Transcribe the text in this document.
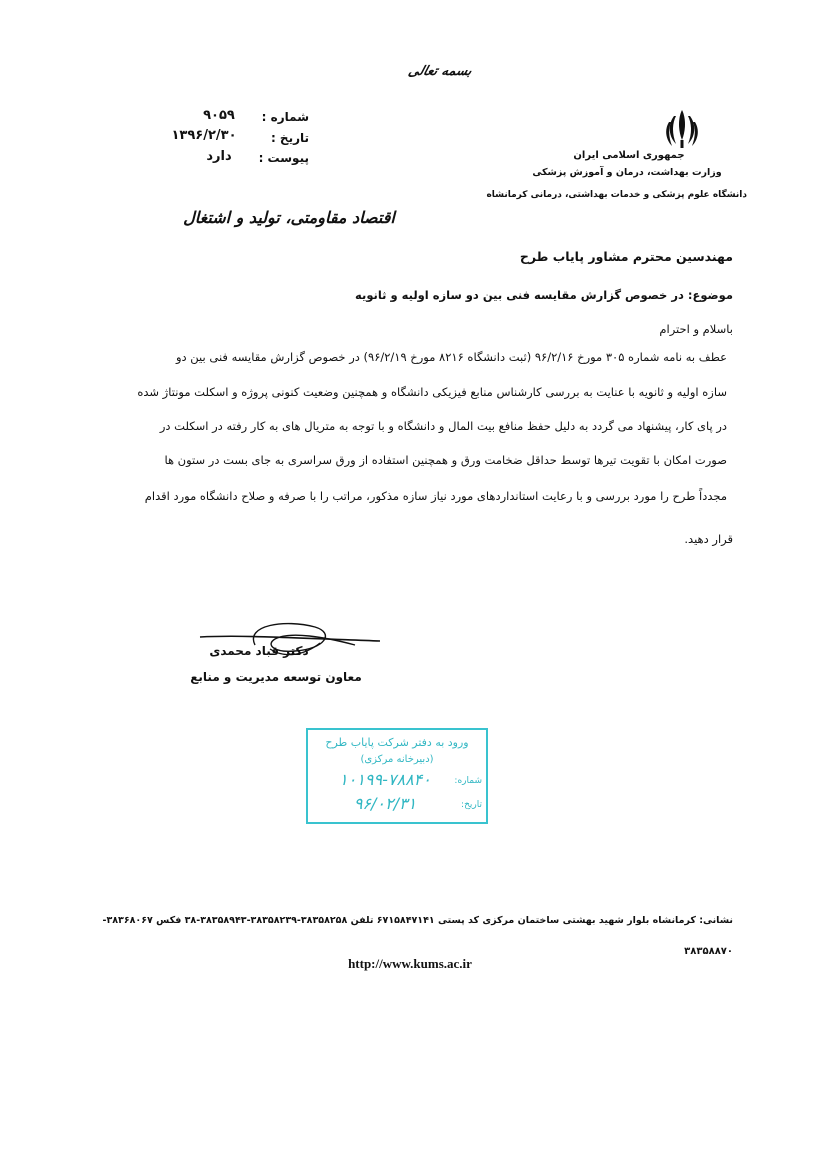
بسمه تعالی
جمهوری اسلامی ایران
وزارت بهداشت، درمان و آموزش پزشکی
دانشگاه علوم پزشکی و خدمات بهداشتی، درمانی کرمانشاه
شماره :
۹۰۵۹
تاریخ :
۱۳۹۶/۲/۳۰
پیوست :
دارد
اقتصاد مقاومتی، تولید و اشتغال
مهندسین محترم مشاور پایاب طرح
موضوع: در خصوص گزارش مقایسه فنی بین دو سازه اولیه و ثانویه
باسلام و احترام
عطف به نامه شماره ۳۰۵ مورخ ۹۶/۲/۱۶ (ثبت دانشگاه ۸۲۱۶ مورخ ۹۶/۲/۱۹) در خصوص گزارش مقایسه فنی بین دو
سازه اولیه و ثانویه با عنایت به بررسی کارشناس منابع فیزیکی دانشگاه و همچنین وضعیت کنونی پروژه و اسکلت مونتاژ شده
در پای کار، پیشنهاد می گردد به دلیل حفظ منافع بیت المال و دانشگاه و با توجه به متریال های به کار رفته در اسکلت در
صورت امکان با تقویت تیرها توسط حداقل ضخامت ورق و همچنین استفاده از ورق سراسری به جای بست در ستون ها
مجدداً طرح را مورد بررسی و با رعایت استانداردهای مورد نیاز سازه مذکور، مراتب را با صرفه و صلاح دانشگاه مورد اقدام
قرار دهید.
دکتر قباد محمدی
معاون توسعه مدیریت و منابع
ورود به دفتر شرکت پایاب طرح
(دبیرخانه مرکزی)
شماره:
۱۰۱۹۹-۷۸۸۴۰
تاریخ:
۹۶/۰۲/۳۱
نشانی: کرمانشاه بلوار شهید بهشتی ساختمان مرکزی کد پستی ۶۷۱۵۸۴۷۱۴۱ تلفن ۳۸۳۵۸۲۵۸-۳۸۳۵۸۲۳۹-۳۸۳۵۸۹۴۳-۳۸ فکس ۳۸۳۶۸۰۶۷-
۳۸۳۵۸۸۷۰
http://www.kums.ac.ir
